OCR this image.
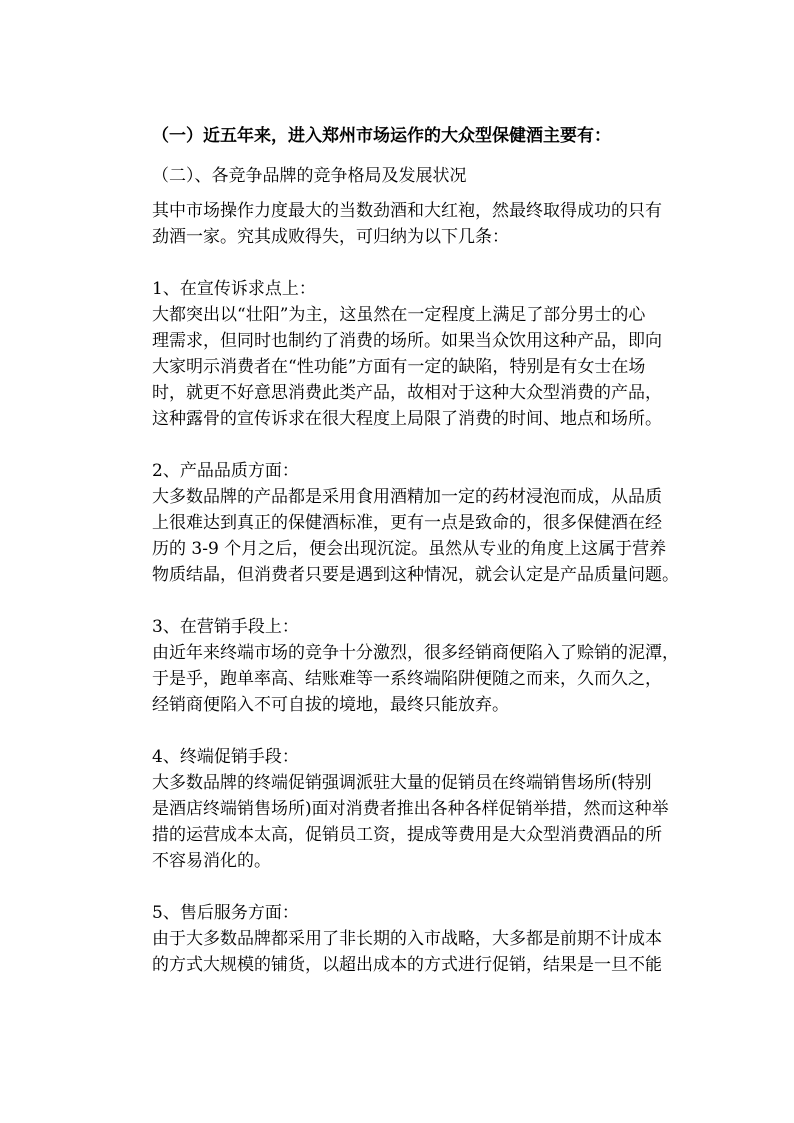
（一）近五年来，进入郑州市场运作的大众型保健酒主要有：
（二）、各竞争品牌的竞争格局及发展状况
其中市场操作力度最大的当数劲酒和大红袍，然最终取得成功的只有
劲酒一家。究其成败得失，可归纳为以下几条：
1、在宣传诉求点上：
大都突出以“壮阳”为主，这虽然在一定程度上满足了部分男士的心
理需求，但同时也制约了消费的场所。如果当众饮用这种产品，即向
大家明示消费者在“性功能”方面有一定的缺陷，特别是有女士在场
时，就更不好意思消费此类产品，故相对于这种大众型消费的产品，
这种露骨的宣传诉求在很大程度上局限了消费的时间、地点和场所。
2、产品品质方面：
大多数品牌的产品都是采用食用酒精加一定的药材浸泡而成，从品质
上很难达到真正的保健酒标准，更有一点是致命的，很多保健酒在经
历的 3-9 个月之后，便会出现沉淀。虽然从专业的角度上这属于营养
物质结晶，但消费者只要是遇到这种情况，就会认定是产品质量问题。
3、在营销手段上：
由近年来终端市场的竞争十分激烈，很多经销商便陷入了赊销的泥潭，
于是乎，跑单率高、结账难等一系终端陷阱便随之而来，久而久之，
经销商便陷入不可自拔的境地，最终只能放弃。
4、终端促销手段：
大多数品牌的终端促销强调派驻大量的促销员在终端销售场所(特别
是酒店终端销售场所)面对消费者推出各种各样促销举措，然而这种举
措的运营成本太高，促销员工资，提成等费用是大众型消费酒品的所
不容易消化的。
5、售后服务方面：
由于大多数品牌都采用了非长期的入市战略，大多都是前期不计成本
的方式大规模的铺货，以超出成本的方式进行促销，结果是一旦不能
